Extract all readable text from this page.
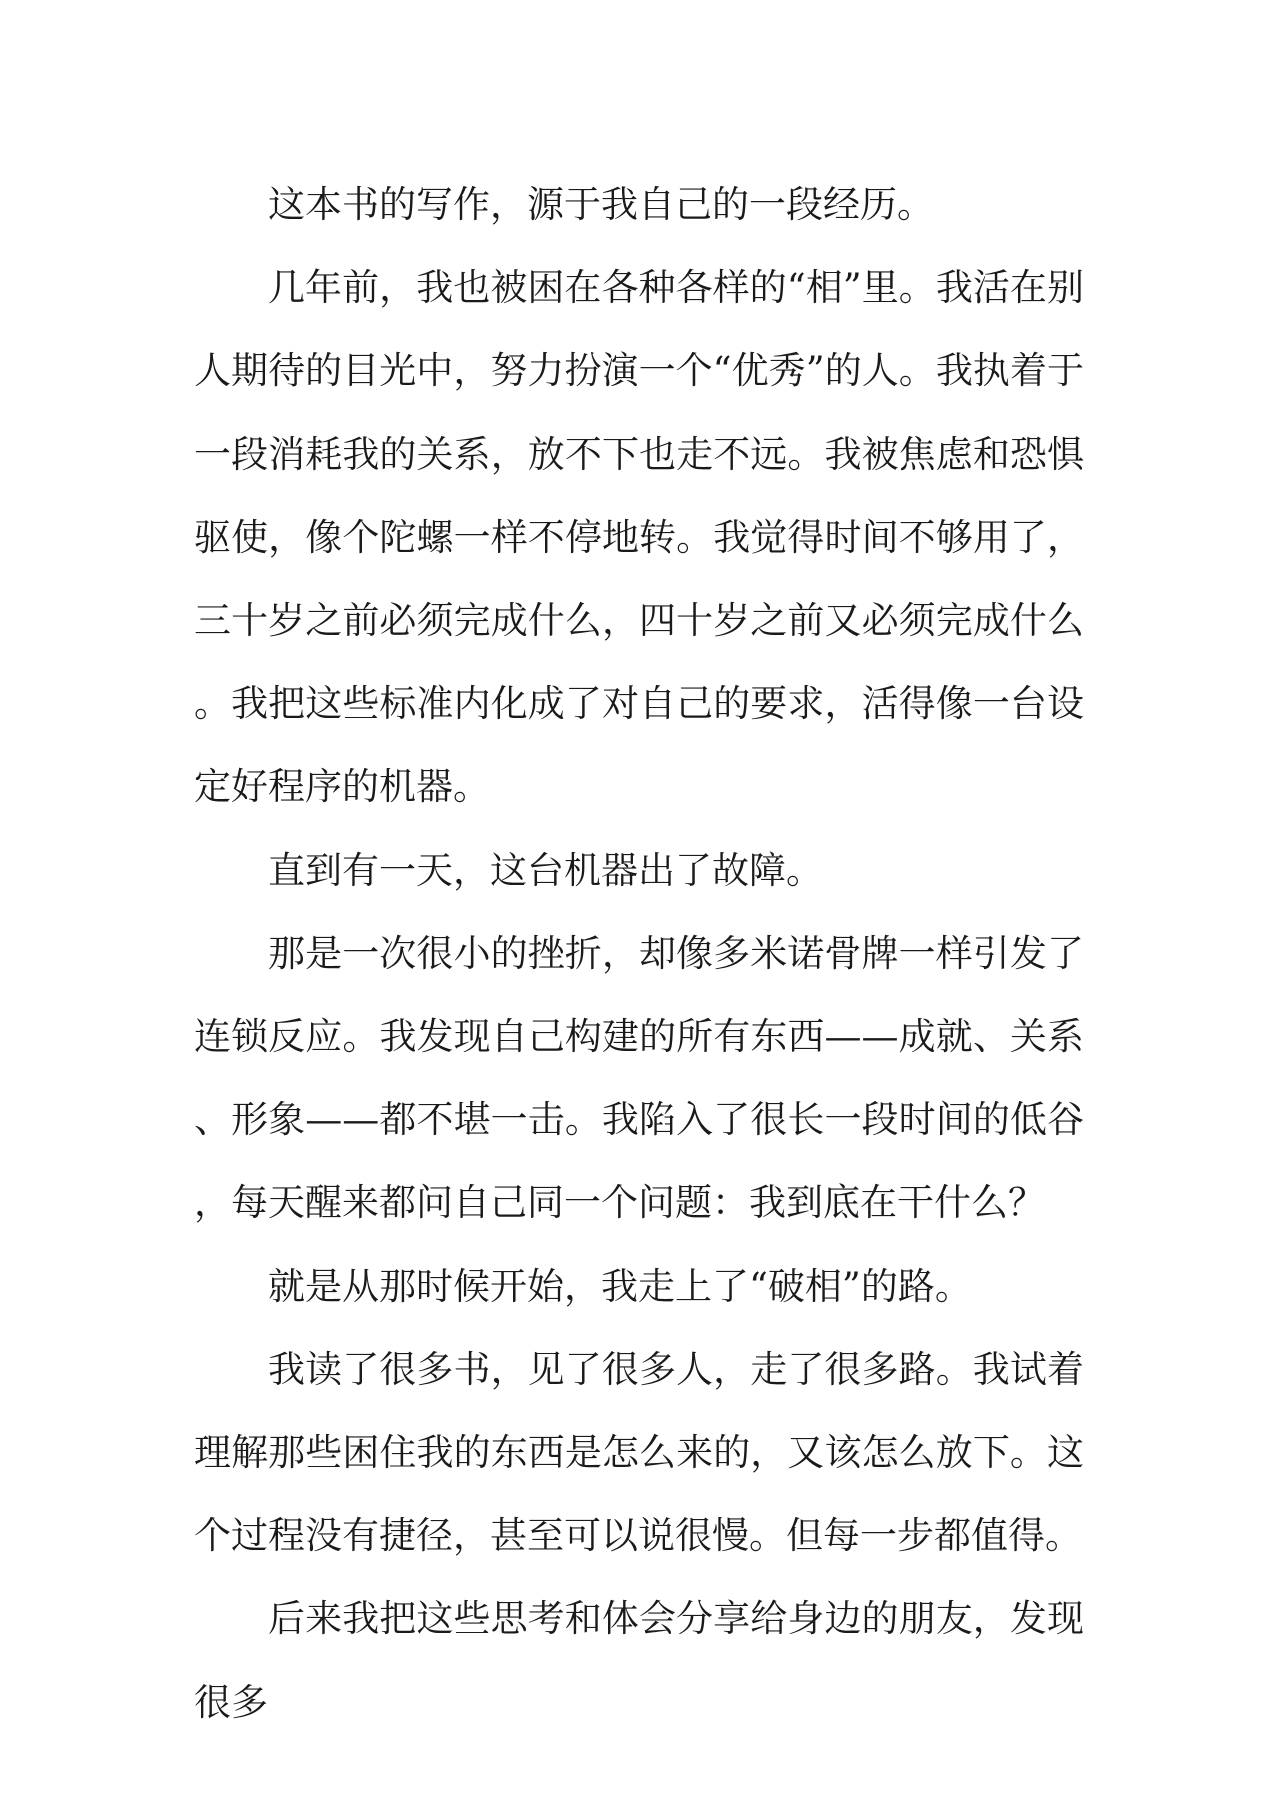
这本书的写作，源于我自己的一段经历。

几年前，我也被困在各种各样的“相”里。我活在别人期待的目光中，努力扮演一个“优秀”的人。我执着于一段消耗我的关系，放不下也走不远。我被焦虑和恐惧驱使，像个陀螺一样不停地转。我觉得时间不够用了，三十岁之前必须完成什么，四十岁之前又必须完成什么。我把这些标准内化成了对自己的要求，活得像一台设定好程序的机器。

直到有一天，这台机器出了故障。

那是一次很小的挫折，却像多米诺骨牌一样引发了连锁反应。我发现自己构建的所有东西——成就、关系、形象——都不堪一击。我陷入了很长一段时间的低谷，每天醒来都问自己同一个问题：我到底在干什么？

就是从那时候开始，我走上了“破相”的路。

我读了很多书，见了很多人，走了很多路。我试着理解那些困住我的东西是怎么来的，又该怎么放下。这个过程没有捷径，甚至可以说很慢。但每一步都值得。

后来我把这些思考和体会分享给身边的朋友，发现很多
